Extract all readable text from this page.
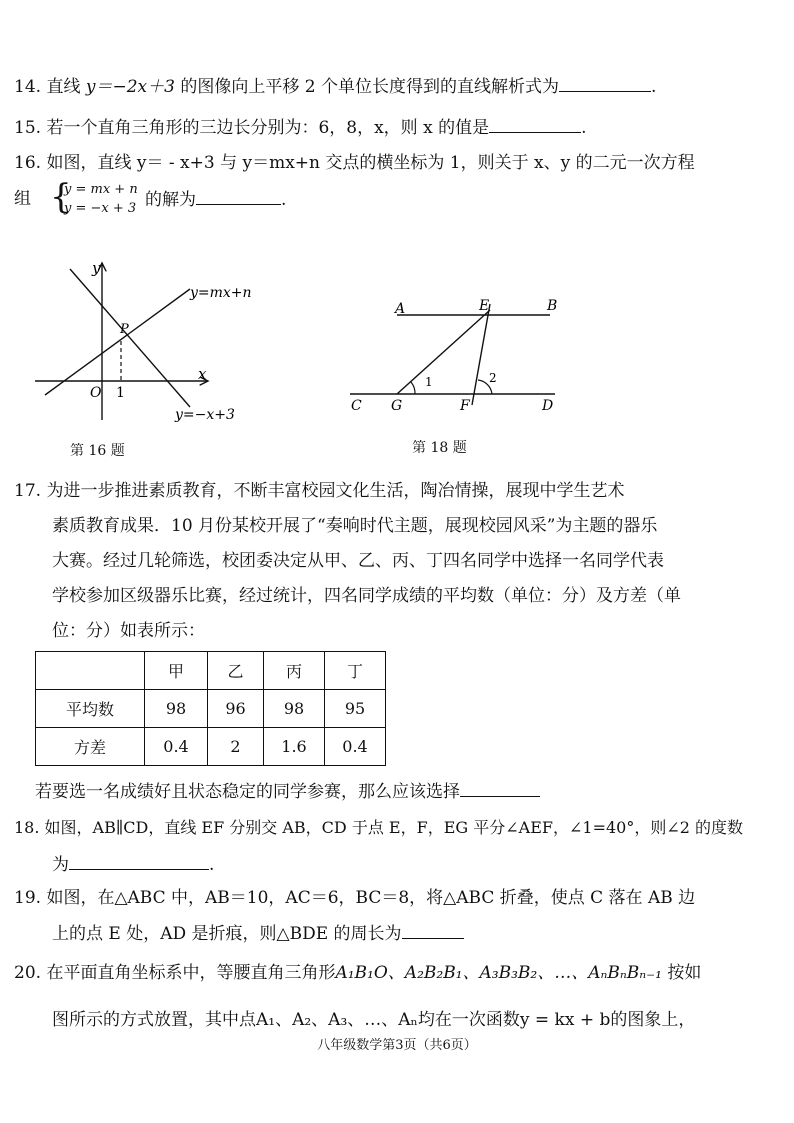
14. 直线 y＝−2x＋3 的图像向上平移 2 个单位长度得到的直线解析式为	.
15. 若一个直角三角形的三边长分别为：6，8，x，则 x 的值是	.
16. 如图，直线 y＝ - x+3 与 y＝mx+n 交点的横坐标为 1，则关于 x、y 的二元一次方程
组 {
y = mx + n
y = −x + 3 的解为	.
y
x
O 1
P
y=mx+n
y=−x+3
第 16 题
A	B
C	D
E
F
G
1	2
第 18 题
17. 为进一步推进素质教育，不断丰富校园文化生活，陶冶情操，展现中学生艺术
素质教育成果．10 月份某校开展了“奏响时代主题，展现校园风采”为主题的器乐
大赛。经过几轮筛选，校团委决定从甲、乙、丙、丁四名同学中选择一名同学代表
学校参加区级器乐比赛，经过统计，四名同学成绩的平均数（单位：分）及方差（单
位：分）如表所示：
	甲	乙	丙	丁
平均数	98	96	98	95
方差	0.4	2	1.6	0.4
若要选一名成绩好且状态稳定的同学参赛，那么应该选择
18. 如图，AB∥CD，直线 EF 分别交 AB，CD 于点 E，F，EG 平分∠AEF，∠1=40°，则∠2 的度数
为	.
19. 如图，在△ABC 中，AB＝10，AC＝6，BC＝8，将△ABC 折叠，使点 C 落在 AB 边
上的点 E 处，AD 是折痕，则△BDE 的周长为
20. 在平面直角坐标系中，等腰直角三角形A₁B₁O、A₂B₂B₁、A₃B₃B₂、…、AₙBₙBₙ₋₁ 按如
图所示的方式放置，其中点A₁、A₂、A₃、…、Aₙ均在一次函数y = kx + b的图象上，
八年级数学第3页（共6页）
